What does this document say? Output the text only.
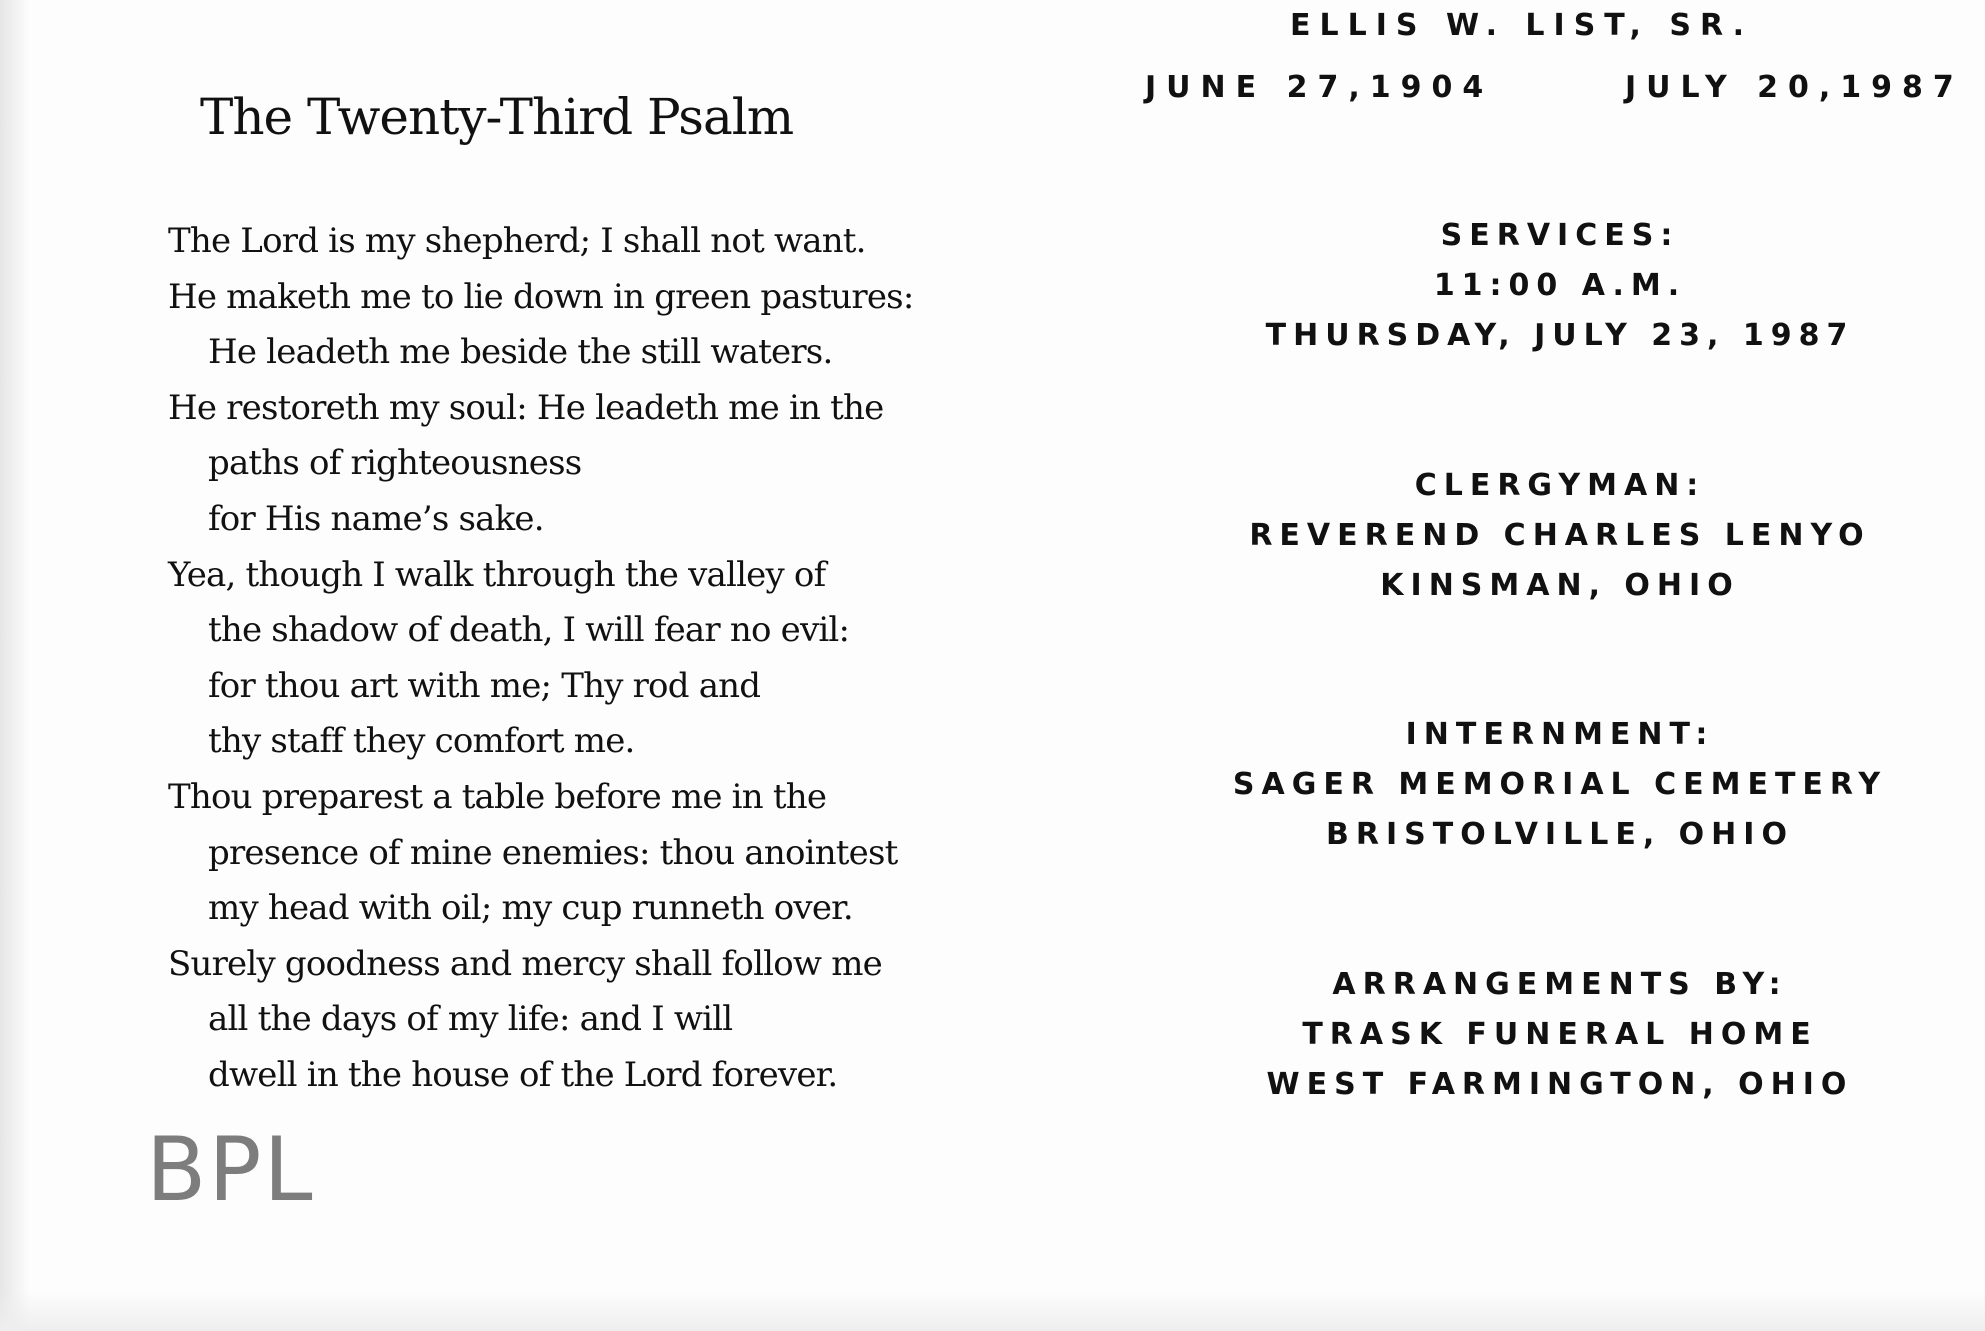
The Twenty-Third Psalm
The Lord is my shepherd; I shall not want.
He maketh me to lie down in green pastures:
He leadeth me beside the still waters.
He restoreth my soul: He leadeth me in the
paths of righteousness
for His name’s sake.
Yea, though I walk through the valley of
the shadow of death, I will fear no evil:
for thou art with me; Thy rod and
thy staff they comfort me.
Thou preparest a table before me in the
presence of mine enemies: thou anointest
my head with oil; my cup runneth over.
Surely goodness and mercy shall follow me
all the days of my life: and I will
dwell in the house of the Lord forever.
BPL
ELLIS W. LIST, SR.
JUNE 27,1904	JULY 20,1987
SERVICES:
11:00 A.M.
THURSDAY, JULY 23, 1987
CLERGYMAN:
REVEREND CHARLES LENYO
KINSMAN, OHIO
INTERNMENT:
SAGER MEMORIAL CEMETERY
BRISTOLVILLE, OHIO
ARRANGEMENTS BY:
TRASK FUNERAL HOME
WEST FARMINGTON, OHIO
